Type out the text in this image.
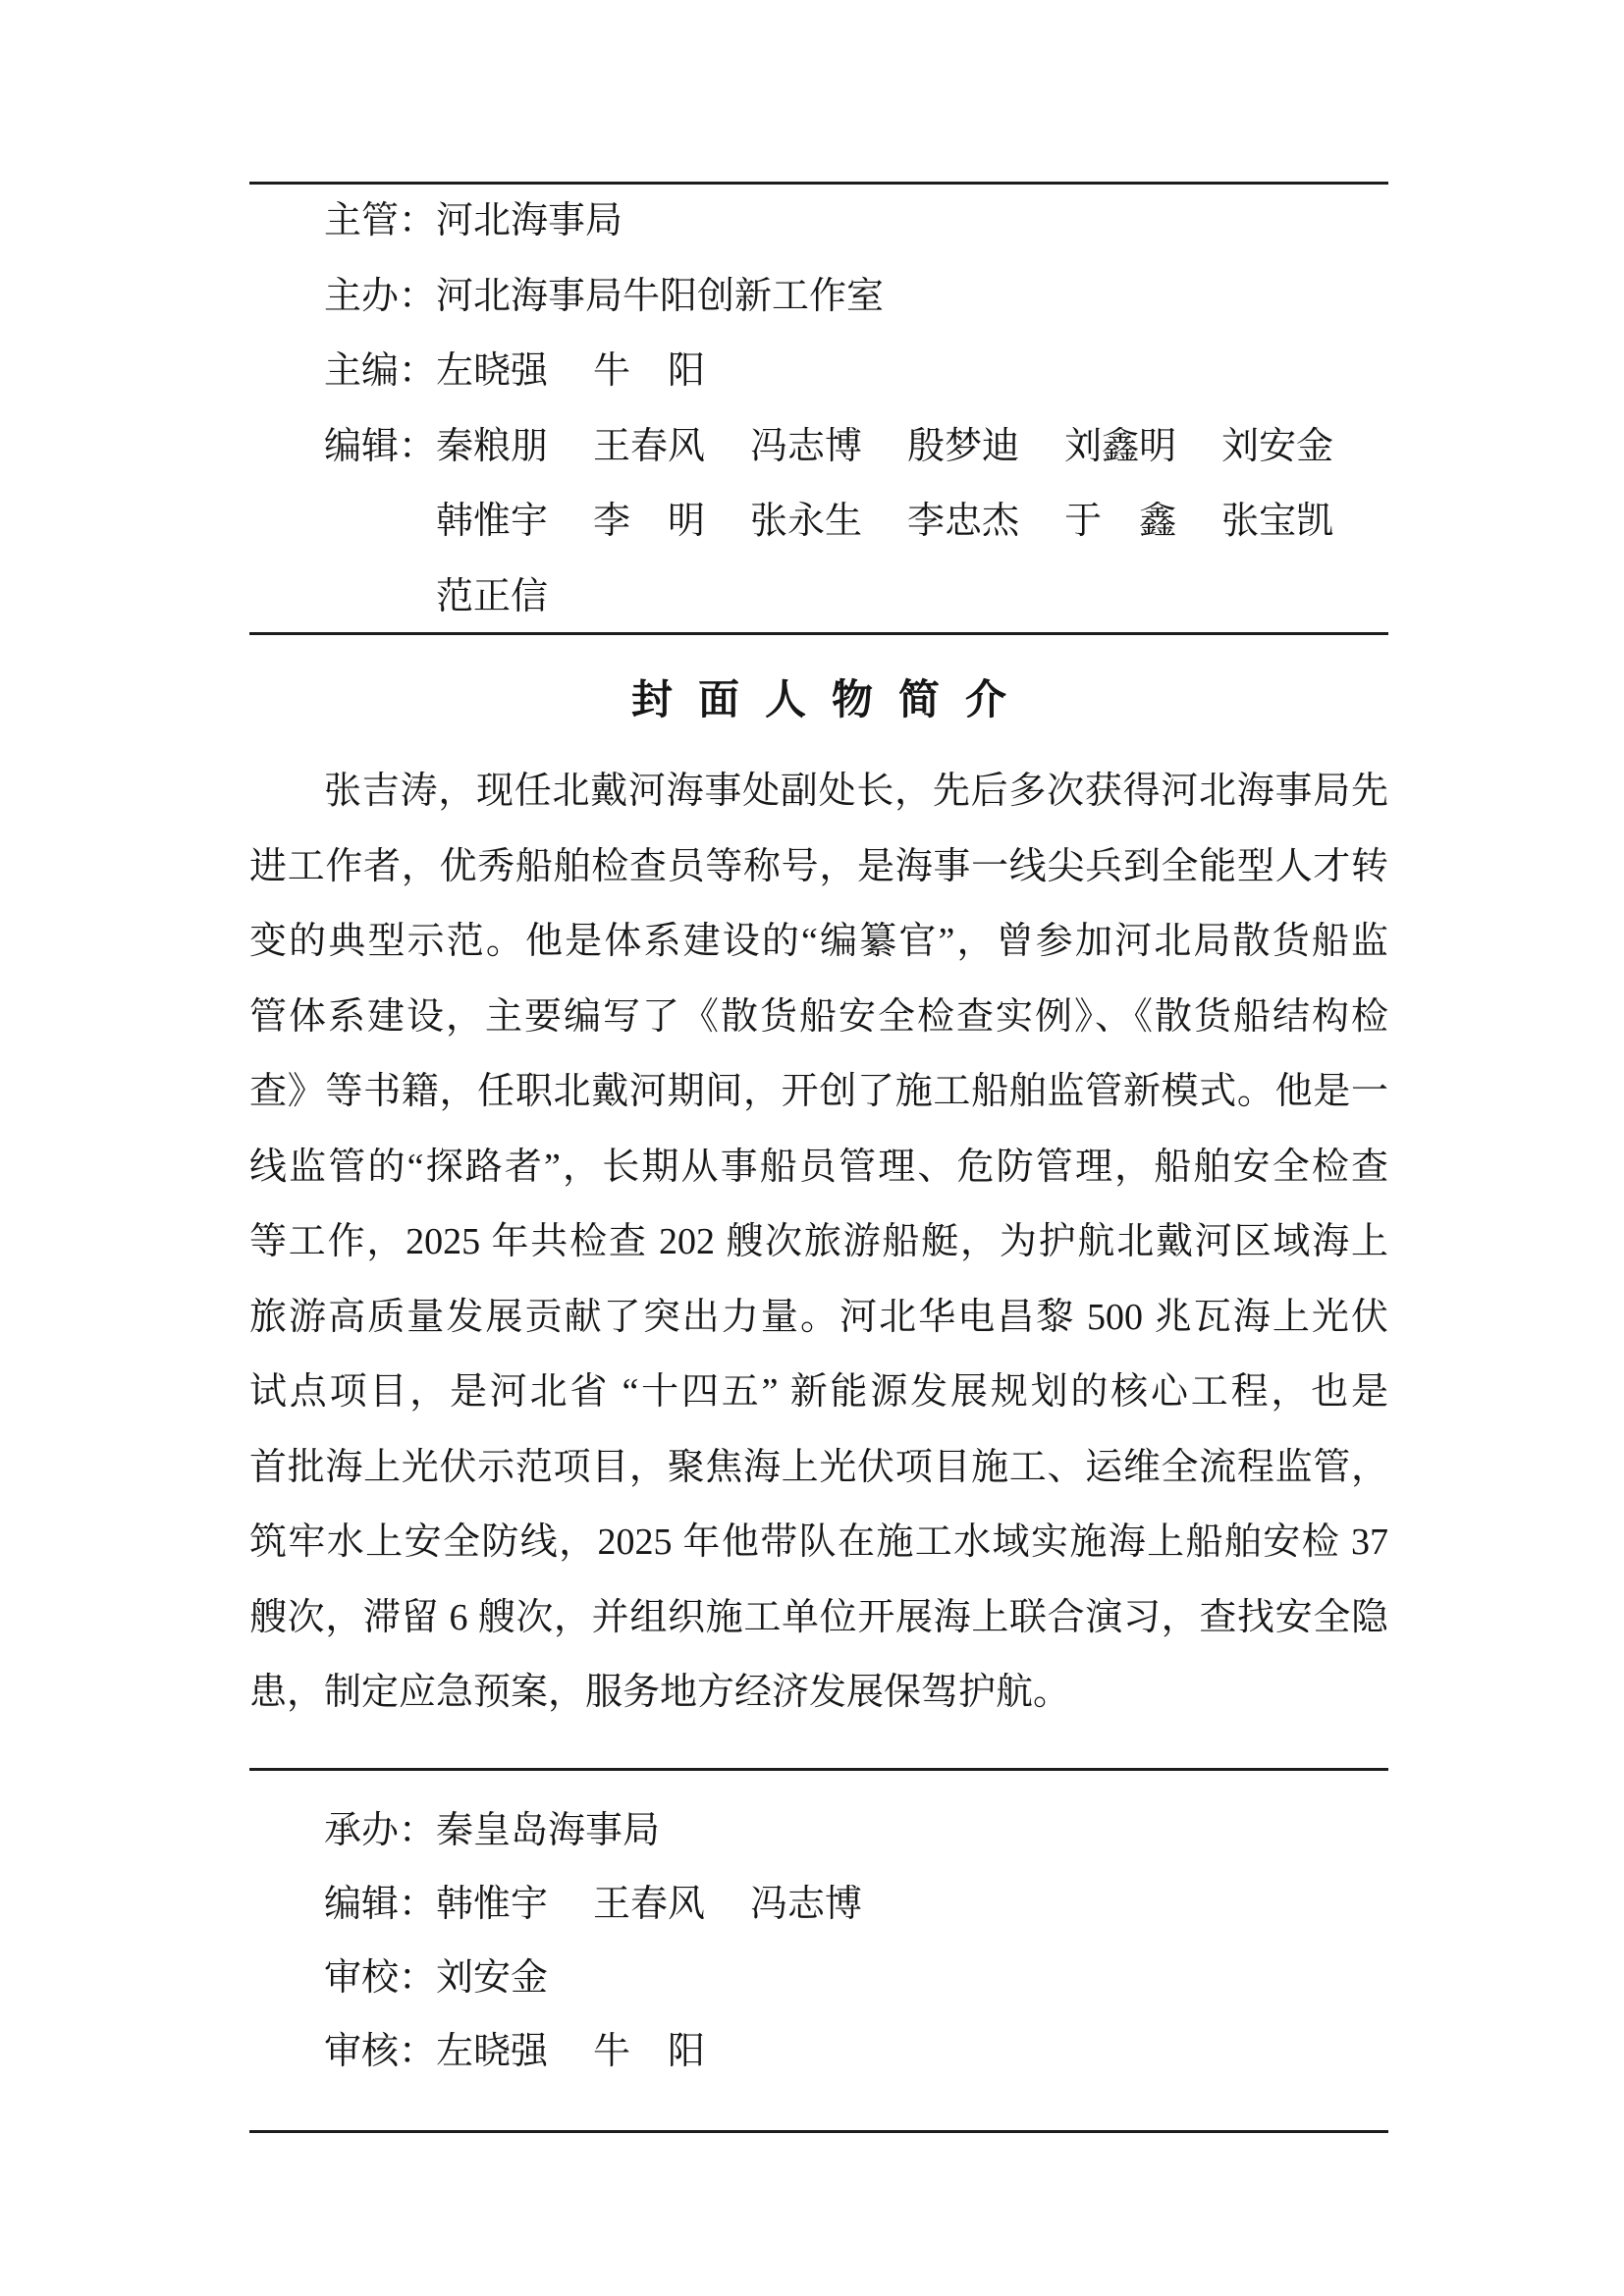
主管： 河北海事局
主办： 河北海事局牛阳创新工作室
主编： 左晓强 牛　阳
编辑： 秦粮朋 王春风 冯志博 殷梦迪 刘鑫明 刘安金
韩惟宇 李　明 张永生 李忠杰 于　鑫 张宝凯
范正信
封面人物简介
张吉涛，现任北戴河海事处副处长，先后多次获得河北海事局先
进工作者，优秀船舶检查员等称号，是海事一线尖兵到全能型人才转
变的典型示范。他是体系建设的“编纂官”，曾参加河北局散货船监
管体系建设，主要编写了《散货船安全检查实例》、《散货船结构检
查》等书籍，任职北戴河期间，开创了施工船舶监管新模式。他是一
线监管的“探路者”，长期从事船员管理、危防管理，船舶安全检查
等工作，2025 年共检查 202 艘次旅游船艇，为护航北戴河区域海上
旅游高质量发展贡献了突出力量。河北华电昌黎 500 兆瓦海上光伏
试点项目，是河北省 “十四五” 新能源发展规划的核心工程，也是
首批海上光伏示范项目，聚焦海上光伏项目施工、运维全流程监管，
筑牢水上安全防线，2025 年他带队在施工水域实施海上船舶安检 37
艘次，滞留 6 艘次，并组织施工单位开展海上联合演习，查找安全隐
患，制定应急预案，服务地方经济发展保驾护航。
承办： 秦皇岛海事局
编辑： 韩惟宇 王春风 冯志博
审校： 刘安金
审核： 左晓强 牛　阳
